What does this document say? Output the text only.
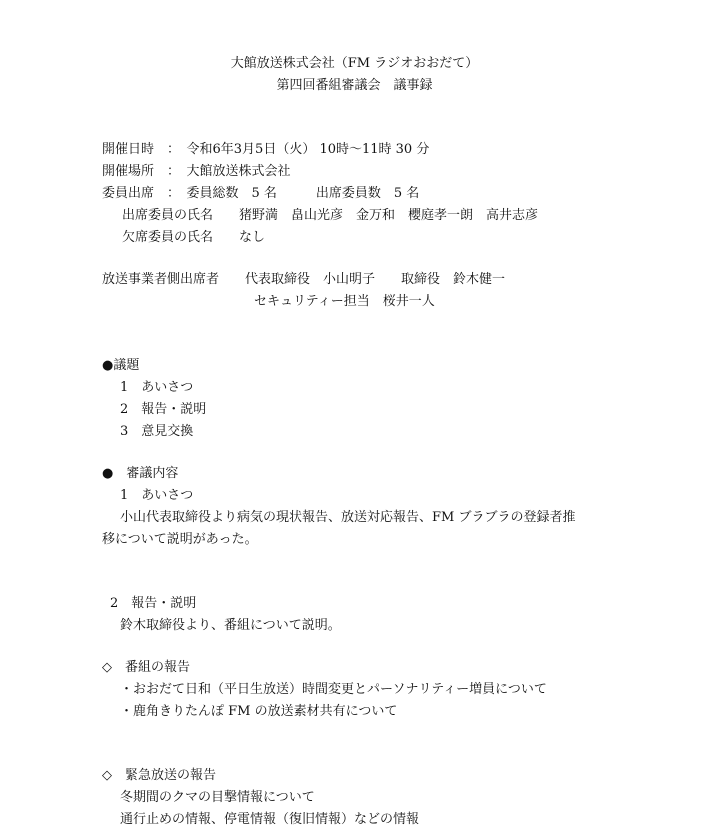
大館放送株式会社（FM ラジオおおだて）
第四回番組審議会　議事録
開催日時　：　令和6年3月5日（火） 10時～11時 30 分
開催場所　：　大館放送株式会社
委員出席　：　委員総数　5 名　　　出席委員数　5 名
出席委員の氏名　　猪野満　畠山光彦　金万和　櫻庭孝一朗　高井志彦
欠席委員の氏名　　なし
放送事業者側出席者　　代表取締役　小山明子　　取締役　鈴木健一
セキュリティー担当　桜井一人
●議題
1　あいさつ
2　報告・説明
3　意見交換
●　審議内容
1　あいさつ
小山代表取締役より病気の現状報告、放送対応報告、FM ブラブラの登録者推
移について説明があった。
2　報告・説明
鈴木取締役より、番組について説明。
◇　番組の報告
・おおだて日和（平日生放送）時間変更とパーソナリティー増員について
・鹿角きりたんぽ FM の放送素材共有について
◇　緊急放送の報告
冬期間のクマの目撃情報について
通行止めの情報、停電情報（復旧情報）などの情報
